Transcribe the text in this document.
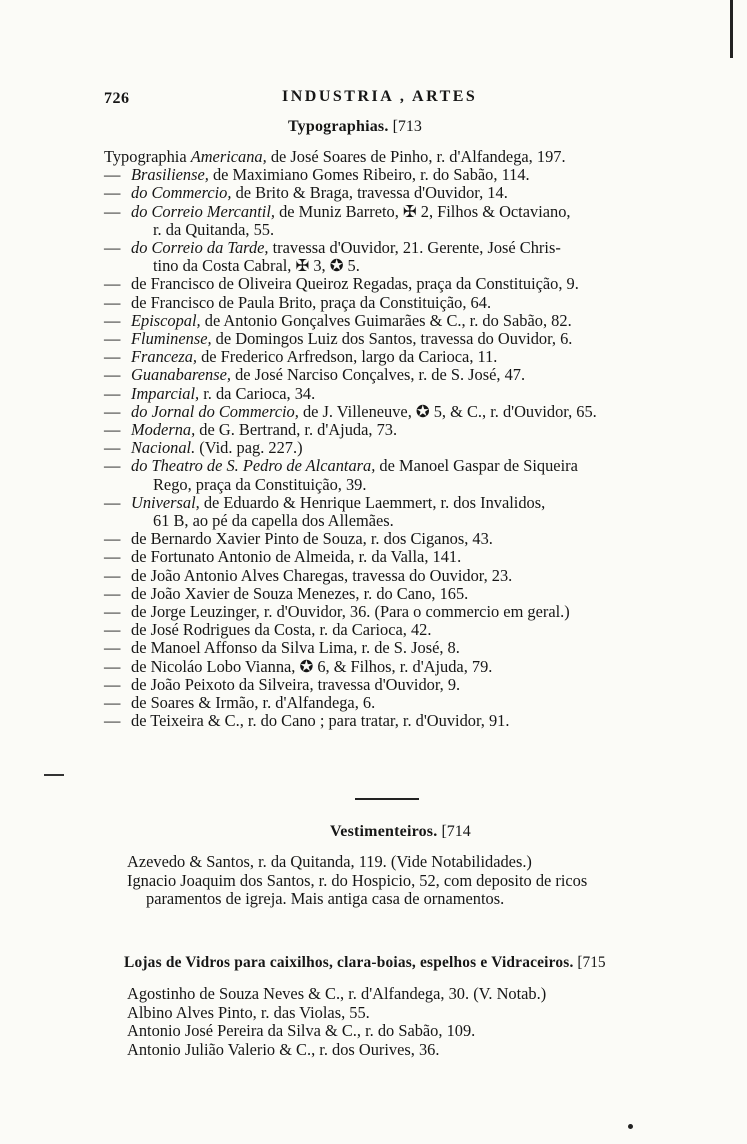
726	INDUSTRIA , ARTES
Typographias. [713
Typographia Americana, de José Soares de Pinho, r. d'Alfandega, 197.
— Brasiliense, de Maximiano Gomes Ribeiro, r. do Sabão, 114.
— do Commercio, de Brito & Braga, travessa d'Ouvidor, 14.
— do Correio Mercantil, de Muniz Barreto, ✠ 2, Filhos & Octaviano,
r. da Quitanda, 55.
— do Correio da Tarde, travessa d'Ouvidor, 21. Gerente, José Chris-
tino da Costa Cabral, ✠ 3, ✪ 5.
— de Francisco de Oliveira Queiroz Regadas, praça da Constituição, 9.
— de Francisco de Paula Brito, praça da Constituição, 64.
— Episcopal, de Antonio Gonçalves Guimarães & C., r. do Sabão, 82.
— Fluminense, de Domingos Luiz dos Santos, travessa do Ouvidor, 6.
— Franceza, de Frederico Arfredson, largo da Carioca, 11.
— Guanabarense, de José Narciso Conçalves, r. de S. José, 47.
— Imparcial, r. da Carioca, 34.
— do Jornal do Commercio, de J. Villeneuve, ✪ 5, & C., r. d'Ouvidor, 65.
— Moderna, de G. Bertrand, r. d'Ajuda, 73.
— Nacional. (Vid. pag. 227.)
— do Theatro de S. Pedro de Alcantara, de Manoel Gaspar de Siqueira
Rego, praça da Constituição, 39.
— Universal, de Eduardo & Henrique Laemmert, r. dos Invalidos,
61 B, ao pé da capella dos Allemães.
— de Bernardo Xavier Pinto de Souza, r. dos Ciganos, 43.
— de Fortunato Antonio de Almeida, r. da Valla, 141.
— de João Antonio Alves Charegas, travessa do Ouvidor, 23.
— de João Xavier de Souza Menezes, r. do Cano, 165.
— de Jorge Leuzinger, r. d'Ouvidor, 36. (Para o commercio em geral.)
— de José Rodrigues da Costa, r. da Carioca, 42.
— de Manoel Affonso da Silva Lima, r. de S. José, 8.
— de Nicoláo Lobo Vianna, ✪ 6, & Filhos, r. d'Ajuda, 79.
— de João Peixoto da Silveira, travessa d'Ouvidor, 9.
— de Soares & Irmão, r. d'Alfandega, 6.
— de Teixeira & C., r. do Cano ; para tratar, r. d'Ouvidor, 91.
Vestimenteiros. [714
Azevedo & Santos, r. da Quitanda, 119. (Vide Notabilidades.)
Ignacio Joaquim dos Santos, r. do Hospicio, 52, com deposito de ricos
paramentos de igreja. Mais antiga casa de ornamentos.
Lojas de Vidros para caixilhos, clara-boias, espelhos e Vidraceiros. [715
Agostinho de Souza Neves & C., r. d'Alfandega, 30. (V. Notab.)
Albino Alves Pinto, r. das Violas, 55.
Antonio José Pereira da Silva & C., r. do Sabão, 109.
Antonio Julião Valerio & C., r. dos Ourives, 36.
